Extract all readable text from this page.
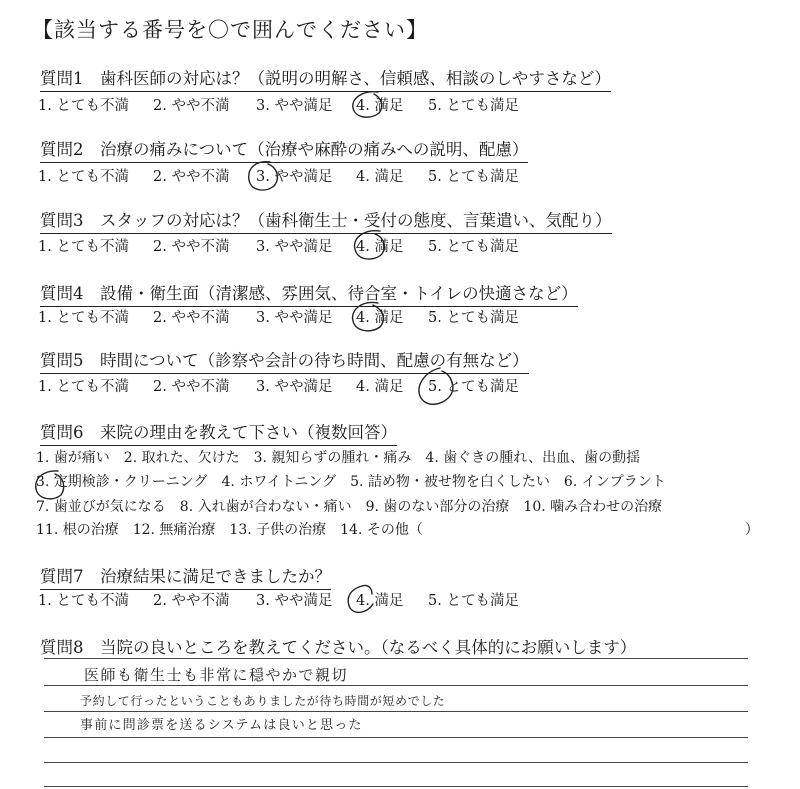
【該当する番号を〇で囲んでください】
質問1　歯科医師の対応は？（説明の明解さ、信頼感、相談のしやすさなど）
1. とても不満 2. やや不満 3. やや満足 4. 満足 5. とても満足
質問2　治療の痛みについて（治療や麻酔の痛みへの説明、配慮）
1. とても不満 2. やや不満 3. やや満足 4. 満足 5. とても満足
質問3　スタッフの対応は？（歯科衛生士・受付の態度、言葉遣い、気配り）
1. とても不満 2. やや不満 3. やや満足 4. 満足 5. とても満足
質問4　設備・衛生面（清潔感、雰囲気、待合室・トイレの快適さなど）
1. とても不満 2. やや不満 3. やや満足 4. 満足 5. とても満足
質問5　時間について（診察や会計の待ち時間、配慮の有無など）
1. とても不満 2. やや不満 3. やや満足 4. 満足 5. とても満足
質問6　来院の理由を教えて下さい（複数回答）
1. 歯が痛い　2. 取れた、欠けた　3. 親知らずの腫れ・痛み　4. 歯ぐきの腫れ、出血、歯の動揺
3. 定期検診・クリーニング　4. ホワイトニング　5. 詰め物・被せ物を白くしたい　6. インプラント
7. 歯並びが気になる　8. 入れ歯が合わない・痛い　9. 歯のない部分の治療　10. 噛み合わせの治療
11. 根の治療　12. 無痛治療　13. 子供の治療　14. その他（　　　　　　　　　　　　　　　　　　　　　　　）
質問7　治療結果に満足できましたか？
1. とても不満 2. やや不満 3. やや満足 4. 満足 5. とても満足
質問8　当院の良いところを教えてください。（なるべく具体的にお願いします）
医師も衛生士も非常に穏やかで親切
予約して行ったということもありましたが待ち時間が短めでした
事前に問診票を送るシステムは良いと思った
